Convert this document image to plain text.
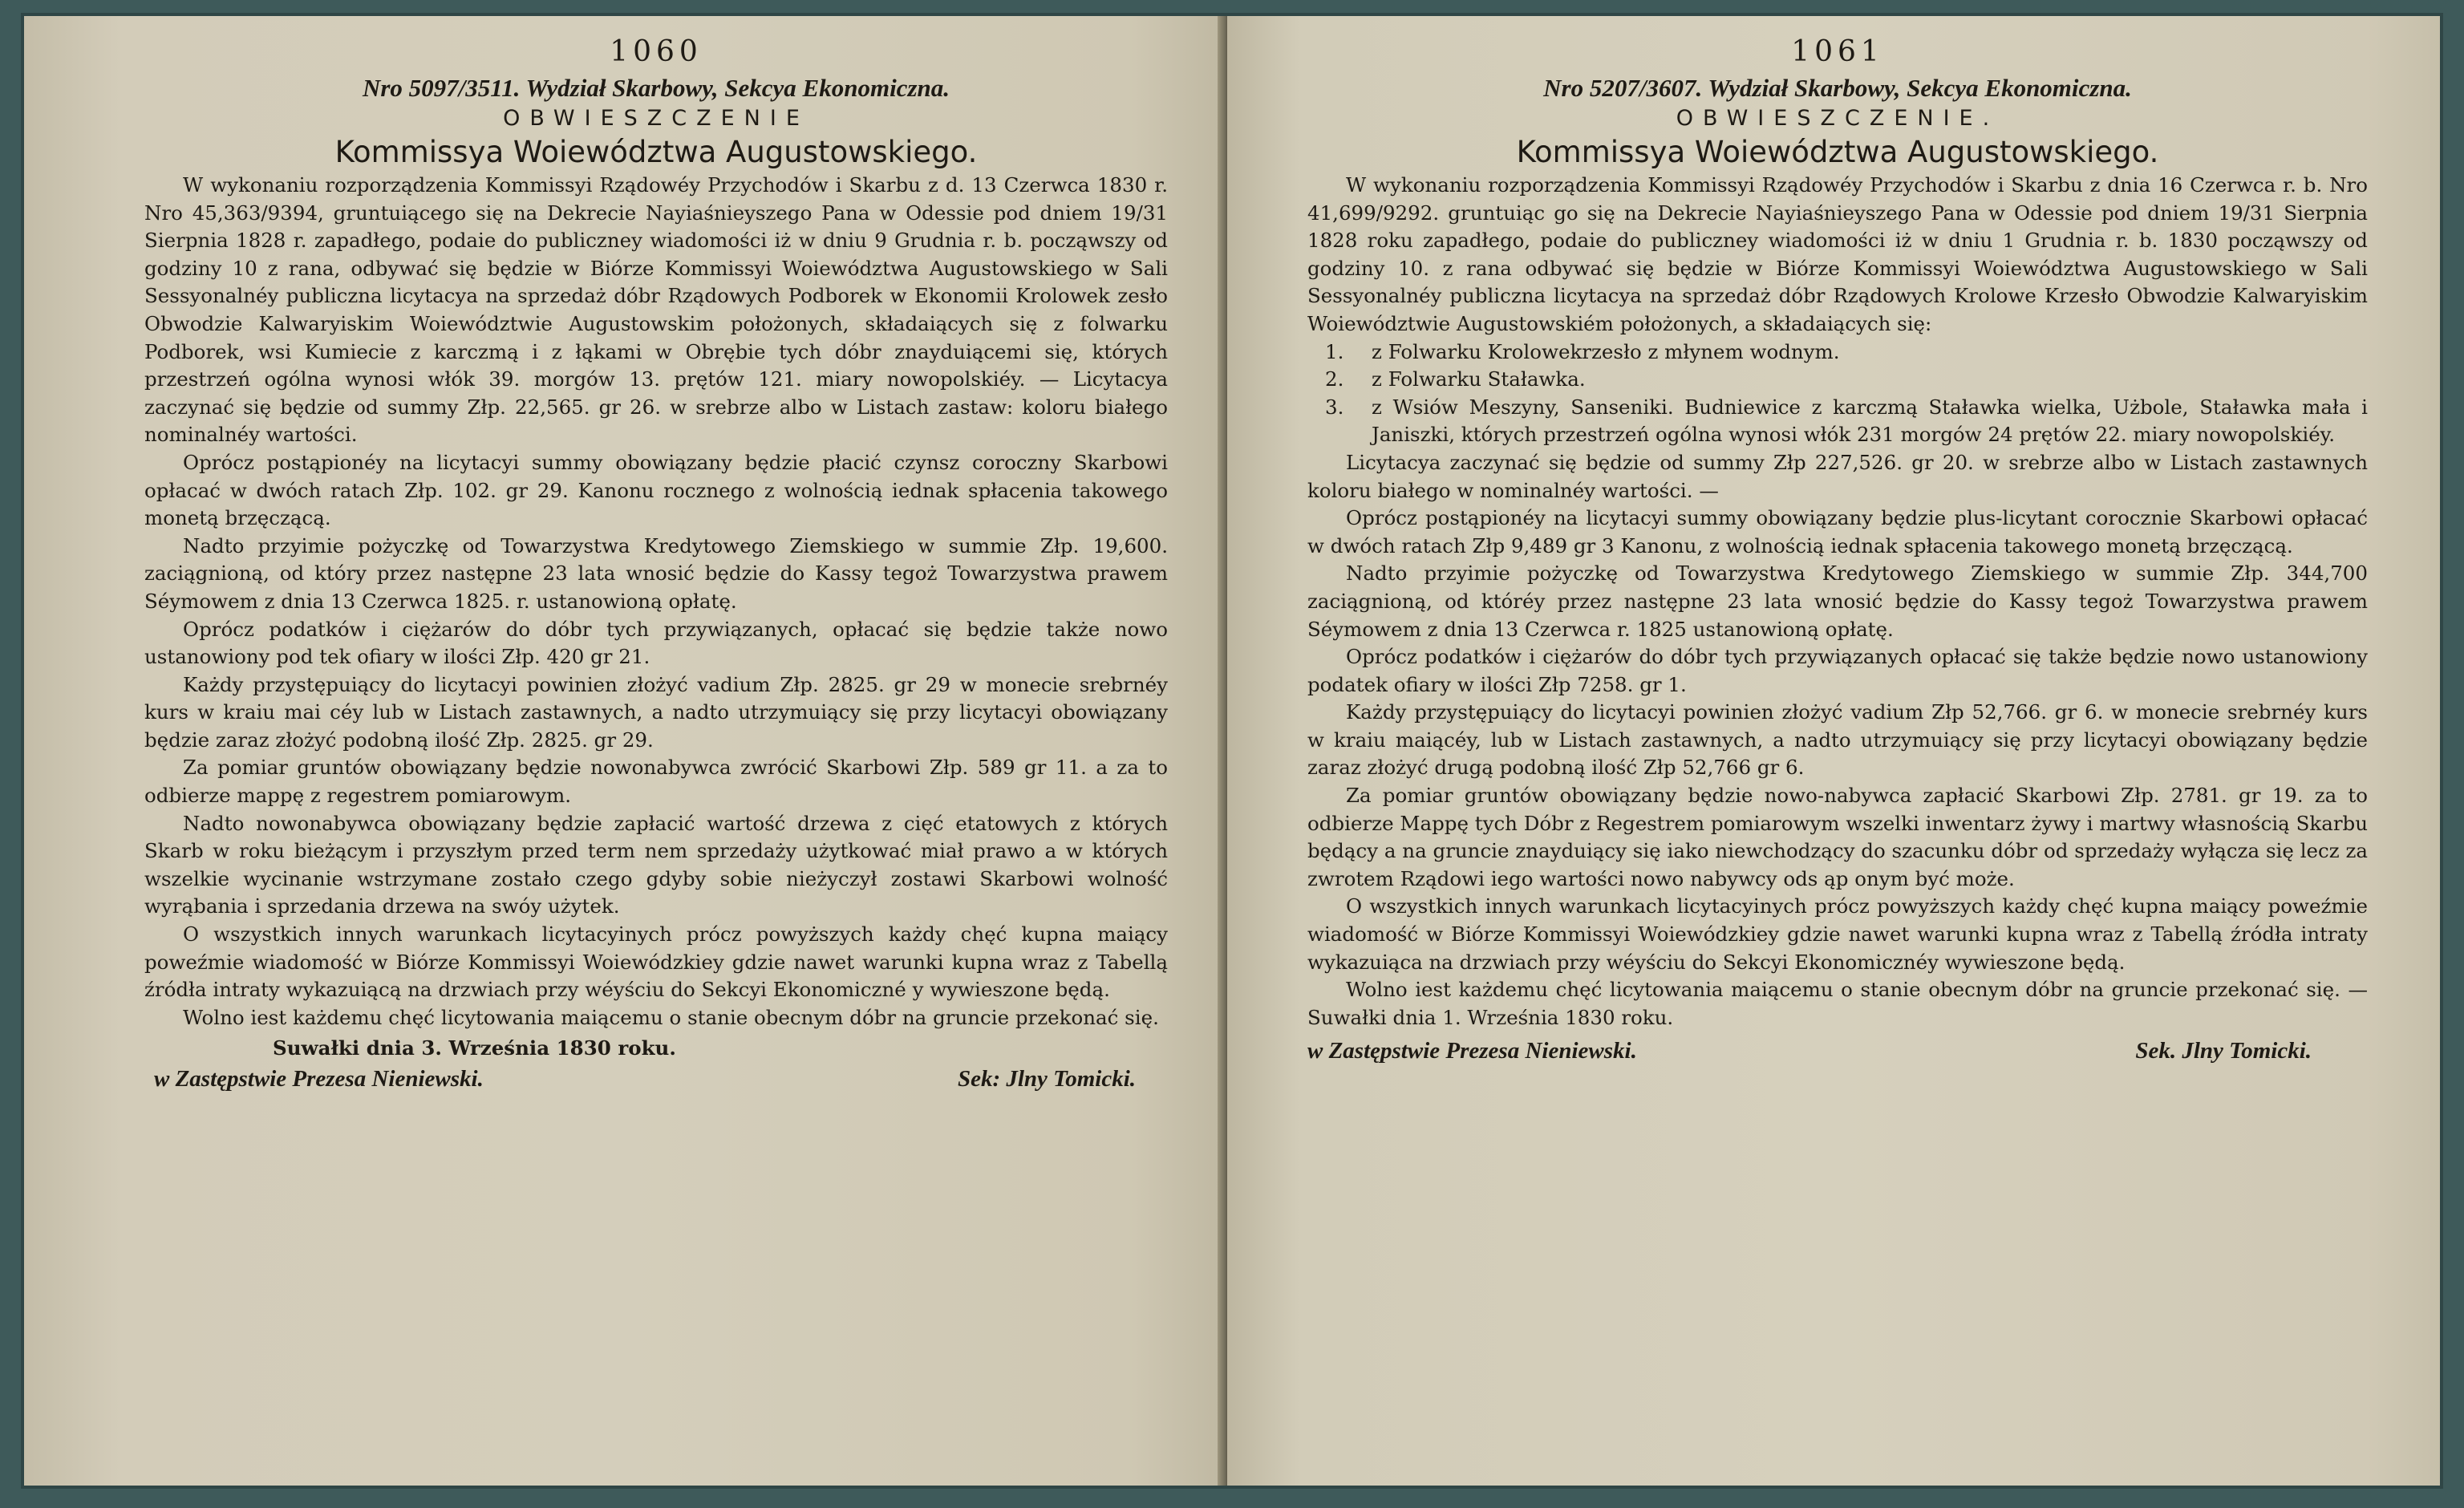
1060
Nro 5097/3511. Wydział Skarbowy, Sekcya Ekonomiczna.
OBWIESZCZENIE
Kommissya Woiewództwa Augustowskiego.

W wykonaniu rozporządzenia Kommissyi Rządowéy Przychodów i Skarbu z d. 13 Czerwca 1830 r. Nro 45,363/9394, gruntuiącego się na Dekrecie Nayiaśnieyszego Pana w Odessie pod dniem 19/31 Sierpnia 1828 r. zapadłego, podaie do publiczney wiadomości iż w dniu 9 Grudnia r. b. począwszy od godziny 10 z rana, odbywać się będzie w Biórze Kommissyi Woiewództwa Augustowskiego w Sali Sessyonalnéy publiczna licytacya na sprzedaż dóbr Rządowych Podborek w Ekonomii Krolowek zesło Obwodzie Kalwaryiskim Woiewództwie Augustowskim położonych, składaiących się z folwarku Podborek, wsi Kumiecie z karczmą i z łąkami w Obrębie tych dóbr znayduiącemi się, których przestrzeń ogólna wynosi włók 39. morgów 13. prętów 121. miary nowopolskiéy. — Licytacya zaczynać się będzie od summy Złp. 22,565. gr 26. w srebrze albo w Listach zastaw: koloru białego nominalnéy wartości.

Oprócz postąpionéy na licytacyi summy obowiązany będzie płacić czynsz coroczny Skarbowi opłacać w dwóch ratach Złp. 102. gr 29. Kanonu rocznego z wolnością iednak spłacenia takowego monetą brzęczącą.

Nadto przyimie pożyczkę od Towarzystwa Kredytowego Ziemskiego w summie Złp. 19,600. zaciągnioną, od który przez następne 23 lata wnosić będzie do Kassy tegoż Towarzystwa prawem Séymowem z dnia 13 Czerwca 1825. r. ustanowioną opłatę.

Oprócz podatków i ciężarów do dóbr tych przywiązanych, opłacać się będzie także nowo ustanowiony pod tek ofiary w ilości Złp. 420 gr 21.

Każdy przystępuiący do licytacyi powinien złożyć vadium Złp. 2825. gr 29 w monecie srebrnéy kurs w kraiu mai céy lub w Listach zastawnych, a nadto utrzymuiący się przy licytacyi obowiązany będzie zaraz złożyć podobną ilość Złp. 2825. gr 29.

Za pomiar gruntów obowiązany będzie nowonabywca zwrócić Skarbowi Złp. 589 gr 11. a za to odbierze mappę z regestrem pomiarowym.

Nadto nowonabywca obowiązany będzie zapłacić wartość drzewa z cięć etatowych z których Skarb w roku bieżącym i przyszłym przed term nem sprzedaży użytkować miał prawo a w których wszelkie wycinanie wstrzymane zostało czego gdyby sobie nieżyczył zostawi Skarbowi wolność wyrąbania i sprzedania drzewa na swóy użytek.

O wszystkich innych warunkach licytacyinych prócz powyższych każdy chęć kupna maiący poweźmie wiadomość w Biórze Kommissyi Woiewódzkiey gdzie nawet warunki kupna wraz z Tabellą źródła intraty wykazuiącą na drzwiach przy wéyściu do Sekcyi Ekonomiczné y wywieszone będą.

Wolno iest każdemu chęć licytowania maiącemu o stanie obecnym dóbr na gruncie przekonać się.

Suwałki dnia 3. Września 1830 roku.
w Zastępstwie Prezesa Nieniewski.	Sek: Jlny Tomicki.
1061
Nro 5207/3607. Wydział Skarbowy, Sekcya Ekonomiczna.
OBWIESZCZENIE.
Kommissya Woiewództwa Augustowskiego.

W wykonaniu rozporządzenia Kommissyi Rządowéy Przychodów i Skarbu z dnia 16 Czerwca r. b. Nro 41,699/9292. gruntuiąc go się na Dekrecie Nayiaśnieyszego Pana w Odessie pod dniem 19/31 Sierpnia 1828 roku zapadłego, podaie do publiczney wiadomości iż w dniu 1 Grudnia r. b. 1830 począwszy od godziny 10. z rana odbywać się będzie w Biórze Kommissyi Woiewództwa Augustowskiego w Sali Sessyonalnéy publiczna licytacya na sprzedaż dóbr Rządowych Krolowe Krzesło Obwodzie Kalwaryiskim Woiewództwie Augustowskiém położonych, a składaiących się:

1.	z Folwarku Krolowekrzesło z młynem wodnym.
2.	z Folwarku Staławka.
3.	z Wsiów Meszyny, Sanseniki. Budniewice z karczmą Staławka wielka, Użbole, Staławka mała i Janiszki, których przestrzeń ogólna wynosi włók 231 morgów 24 prętów 22. miary nowopolskiéy.

Licytacya zaczynać się będzie od summy Złp 227,526. gr 20. w srebrze albo w Listach zastawnych koloru białego w nominalnéy wartości. —

Oprócz postąpionéy na licytacyi summy obowiązany będzie plus-licytant corocznie Skarbowi opłacać w dwóch ratach Złp 9,489 gr 3 Kanonu, z wolnością iednak spłacenia takowego monetą brzęczącą.

Nadto przyimie pożyczkę od Towarzystwa Kredytowego Ziemskiego w summie Złp. 344,700 zaciągnioną, od któréy przez następne 23 lata wnosić będzie do Kassy tegoż Towarzystwa prawem Séymowem z dnia 13 Czerwca r. 1825 ustanowioną opłatę.

Oprócz podatków i ciężarów do dóbr tych przywiązanych opłacać się także będzie nowo ustanowiony podatek ofiary w ilości Złp 7258. gr 1.

Każdy przystępuiący do licytacyi powinien złożyć vadium Złp 52,766. gr 6. w monecie srebrnéy kurs w kraiu maiącéy, lub w Listach zastawnych, a nadto utrzymuiący się przy licytacyi obowiązany będzie zaraz złożyć drugą podobną ilość Złp 52,766 gr 6.

Za pomiar gruntów obowiązany będzie nowo-nabywca zapłacić Skarbowi Złp. 2781. gr 19. za to odbierze Mappę tych Dóbr z Regestrem pomiarowym wszelki inwentarz żywy i martwy własnością Skarbu będący a na gruncie znayduiący się iako niewchodzący do szacunku dóbr od sprzedaży wyłącza się lecz za zwrotem Rządowi iego wartości nowo nabywcy ods ąp onym być może.

O wszystkich innych warunkach licytacyinych prócz powyższych każdy chęć kupna maiący poweźmie wiadomość w Biórze Kommissyi Woiewódzkiey gdzie nawet warunki kupna wraz z Tabellą źródła intraty wykazuiąca na drzwiach przy wéyściu do Sekcyi Ekonomicznéy wywieszone będą.

Wolno iest każdemu chęć licytowania maiącemu o stanie obecnym dóbr na gruncie przekonać się. — Suwałki dnia 1. Września 1830 roku.

w Zastępstwie Prezesa Nieniewski.	Sek. Jlny Tomicki.
